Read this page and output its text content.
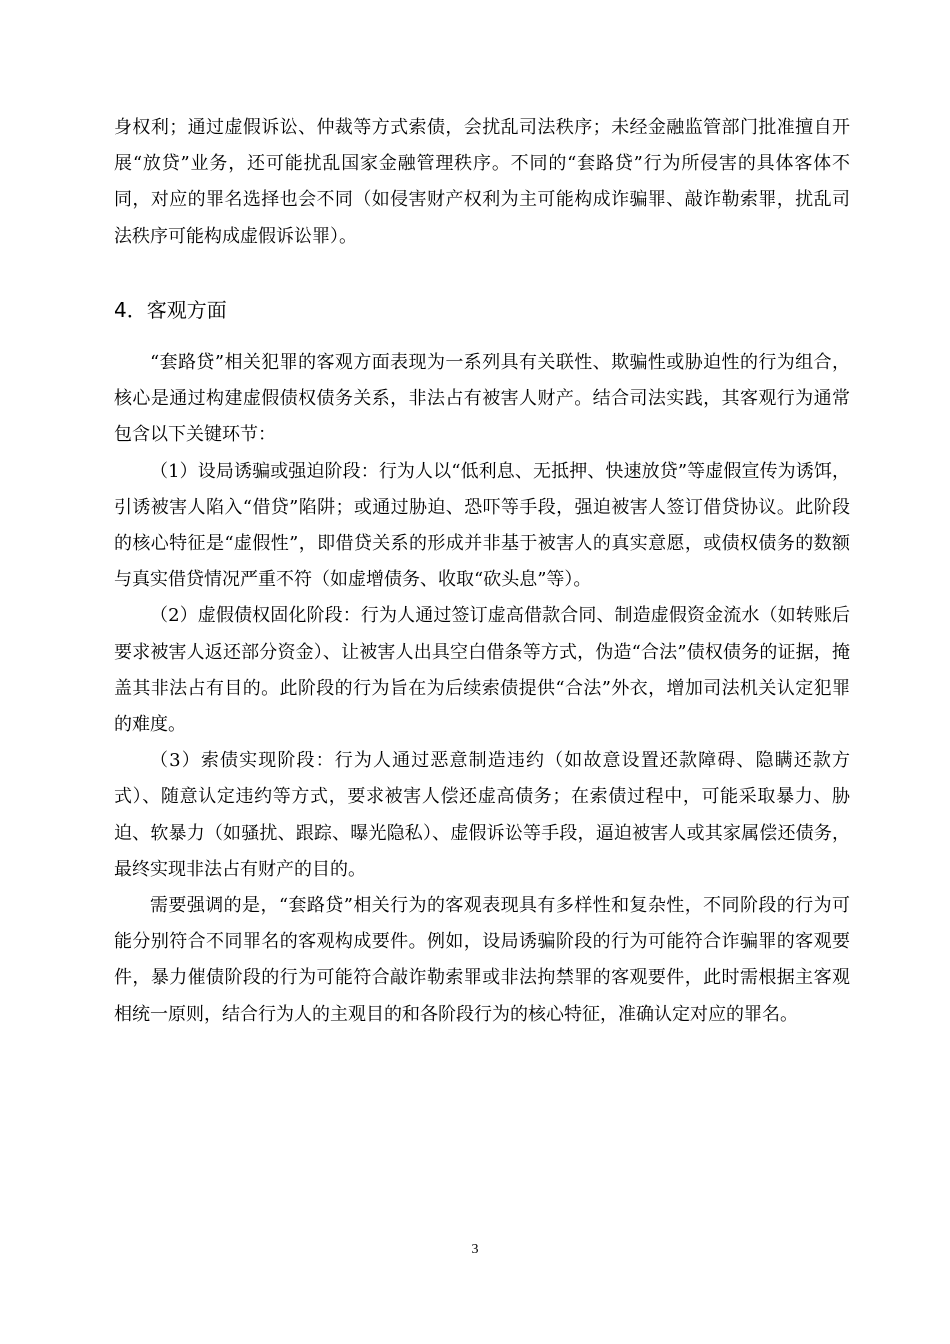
身权利；通过虚假诉讼、仲裁等方式索债，会扰乱司法秩序；未经金融监管部门批准擅自开展“放贷”业务，还可能扰乱国家金融管理秩序。不同的“套路贷”行为所侵害的具体客体不同，对应的罪名选择也会不同（如侵害财产权利为主可能构成诈骗罪、敲诈勒索罪，扰乱司法秩序可能构成虚假诉讼罪）。

4．客观方面

“套路贷”相关犯罪的客观方面表现为一系列具有关联性、欺骗性或胁迫性的行为组合，核心是通过构建虚假债权债务关系，非法占有被害人财产。结合司法实践，其客观行为通常包含以下关键环节：

（1）设局诱骗或强迫阶段：行为人以“低利息、无抵押、快速放贷”等虚假宣传为诱饵，引诱被害人陷入“借贷”陷阱；或通过胁迫、恐吓等手段，强迫被害人签订借贷协议。此阶段的核心特征是“虚假性”，即借贷关系的形成并非基于被害人的真实意愿，或债权债务的数额与真实借贷情况严重不符（如虚增债务、收取“砍头息”等）。

（2）虚假债权固化阶段：行为人通过签订虚高借款合同、制造虚假资金流水（如转账后要求被害人返还部分资金）、让被害人出具空白借条等方式，伪造“合法”债权债务的证据，掩盖其非法占有目的。此阶段的行为旨在为后续索债提供“合法”外衣，增加司法机关认定犯罪的难度。

（3）索债实现阶段：行为人通过恶意制造违约（如故意设置还款障碍、隐瞒还款方式）、随意认定违约等方式，要求被害人偿还虚高债务；在索债过程中，可能采取暴力、胁迫、软暴力（如骚扰、跟踪、曝光隐私）、虚假诉讼等手段，逼迫被害人或其家属偿还债务，最终实现非法占有财产的目的。

需要强调的是，“套路贷”相关行为的客观表现具有多样性和复杂性，不同阶段的行为可能分别符合不同罪名的客观构成要件。例如，设局诱骗阶段的行为可能符合诈骗罪的客观要件，暴力催债阶段的行为可能符合敲诈勒索罪或非法拘禁罪的客观要件，此时需根据主客观相统一原则，结合行为人的主观目的和各阶段行为的核心特征，准确认定对应的罪名。

3
